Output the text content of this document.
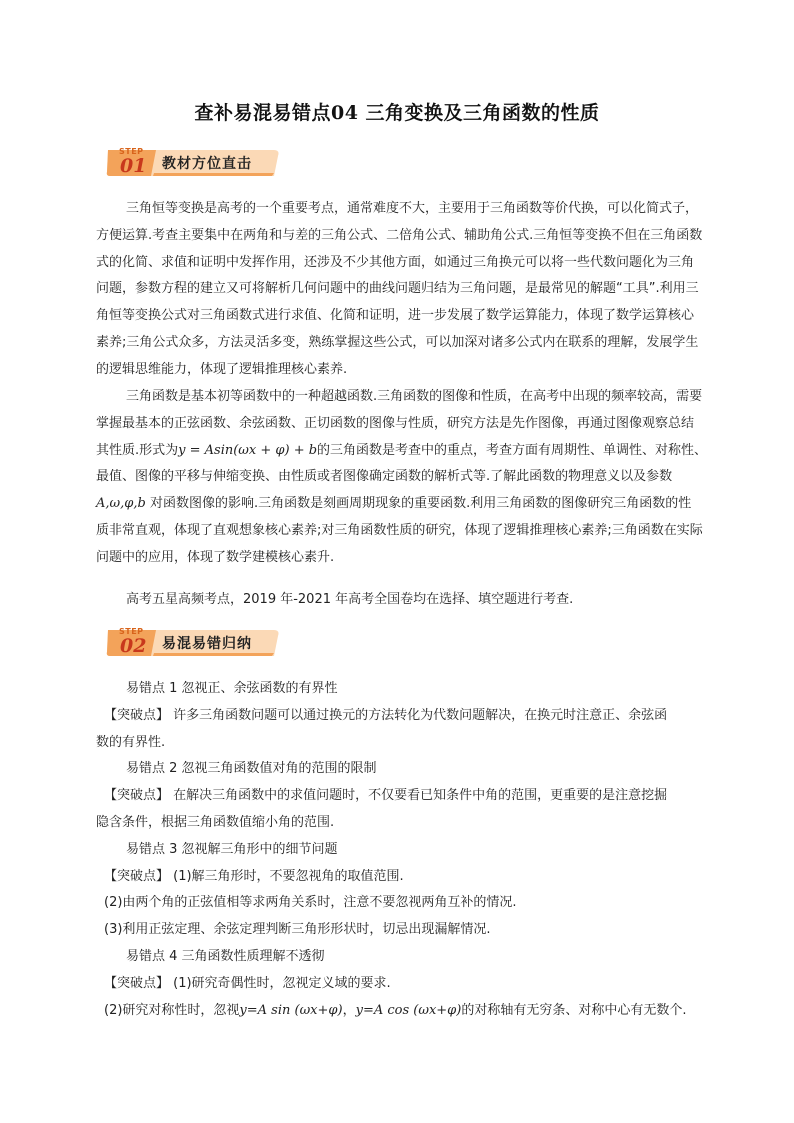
查补易混易错点04 三角变换及三角函数的性质
STEP
01 教材方位直击
三角恒等变换是高考的一个重要考点，通常难度不大，主要用于三角函数等价代换，可以化简式子，
方便运算.考查主要集中在两角和与差的三角公式、二倍角公式、辅助角公式.三角恒等变换不但在三角函数
式的化简、求值和证明中发挥作用，还涉及不少其他方面，如通过三角换元可以将一些代数问题化为三角
问题，参数方程的建立又可将解析几何问题中的曲线问题归结为三角问题，是最常见的解题“工具”.利用三
角恒等变换公式对三角函数式进行求值、化简和证明，进一步发展了数学运算能力，体现了数学运算核心
素养;三角公式众多，方法灵活多变，熟练掌握这些公式，可以加深对诸多公式内在联系的理解，发展学生
的逻辑思维能力，体现了逻辑推理核心素养.
三角函数是基本初等函数中的一种超越函数.三角函数的图像和性质，在高考中出现的频率较高，需要
掌握最基本的正弦函数、余弦函数、正切函数的图像与性质，研究方法是先作图像，再通过图像观察总结
其性质.形式为y = Asin(ωx + φ) + b的三角函数是考查中的重点，考查方面有周期性、单调性、对称性、
最值、图像的平移与伸缩变换、由性质或者图像确定函数的解析式等.了解此函数的物理意义以及参数
A,ω,φ,b 对函数图像的影响.三角函数是刻画周期现象的重要函数.利用三角函数的图像研究三角函数的性
质非常直观，体现了直观想象核心素养;对三角函数性质的研究，体现了逻辑推理核心素养;三角函数在实际
问题中的应用，体现了数学建模核心素升.
高考五星高频考点，2019 年-2021 年高考全国卷均在选择、填空题进行考查.
STEP
02 易混易错归纳
易错点 1 忽视正、余弦函数的有界性
【突破点】 许多三角函数问题可以通过换元的方法转化为代数问题解决，在换元时注意正、余弦函
数的有界性.
易错点 2 忽视三角函数值对角的范围的限制
【突破点】 在解决三角函数中的求值问题时，不仅要看已知条件中角的范围，更重要的是注意挖掘
隐含条件，根据三角函数值缩小角的范围.
易错点 3 忽视解三角形中的细节问题
【突破点】 (1)解三角形时，不要忽视角的取值范围.
(2)由两个角的正弦值相等求两角关系时，注意不要忽视两角互补的情况.
(3)利用正弦定理、余弦定理判断三角形形状时，切忌出现漏解情况.
易错点 4 三角函数性质理解不透彻
【突破点】 (1)研究奇偶性时，忽视定义域的要求.
(2)研究对称性时，忽视y=A sin (ωx+φ)，y=A cos (ωx+φ)的对称轴有无穷条、对称中心有无数个.
